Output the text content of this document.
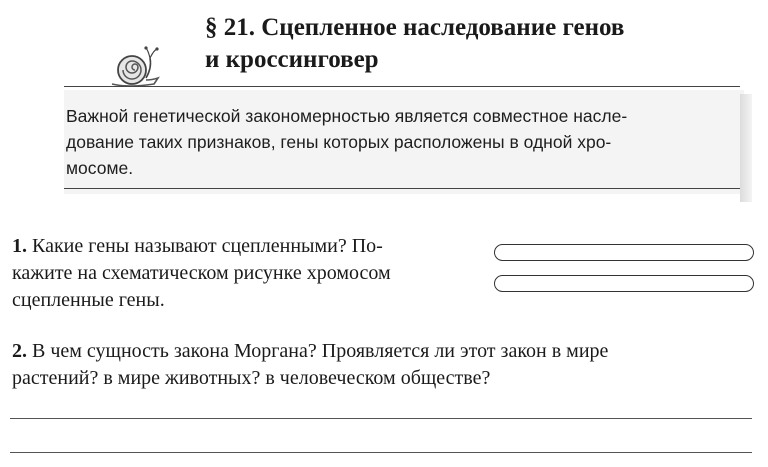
§ 21. Сцепленное наследование генов
и кроссинговер
Важной генетической закономерностью является совместное насле-
дование таких признаков, гены которых расположены в одной хро-
мосоме.
1. Какие гены называют сцепленными? По-
кажите на схематическом рисунке хромосом
сцепленные гены.
2. В чем сущность закона Моргана? Проявляется ли этот закон в мире
растений? в мире животных? в человеческом обществе?
